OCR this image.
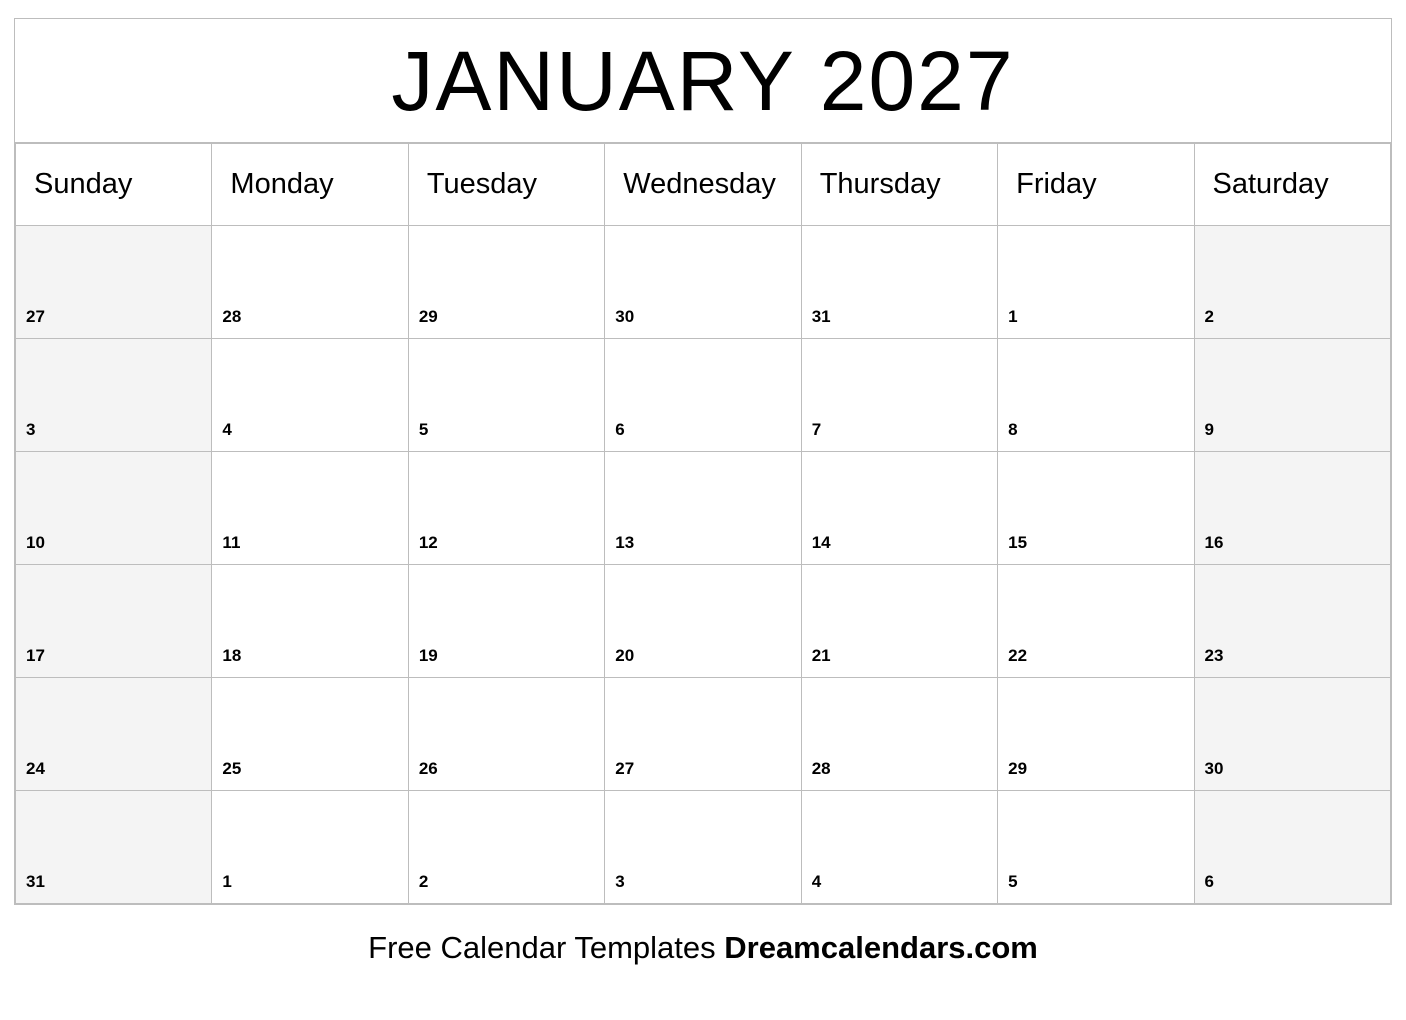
JANUARY 2027
Sunday	Monday	Tuesday	Wednesday	Thursday	Friday	Saturday

27	28	29	30	31	1	2

3	4	5	6	7	8	9

10	11	12	13	14	15	16

17	18	19	20	21	22	23

24	25	26	27	28	29	30

31	1	2	3	4	5	6
Free Calendar Templates Dreamcalendars.com
